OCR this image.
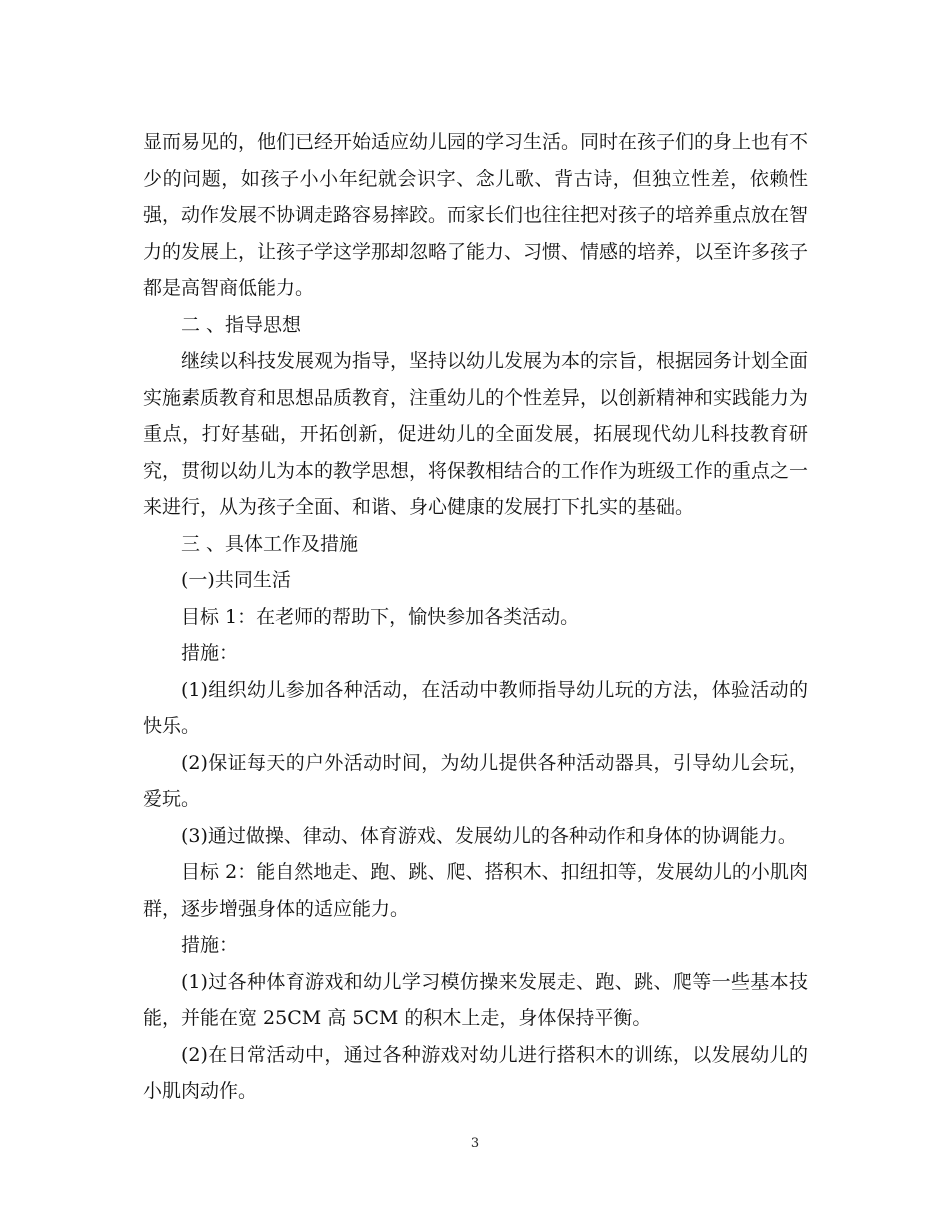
显而易见的，他们已经开始适应幼儿园的学习生活。同时在孩子们的身上也有不少的问题，如孩子小小年纪就会识字、念儿歌、背古诗，但独立性差，依赖性强，动作发展不协调走路容易摔跤。而家长们也往往把对孩子的培养重点放在智力的发展上，让孩子学这学那却忽略了能力、习惯、情感的培养，以至许多孩子都是高智商低能力。

二 、指导思想

继续以科技发展观为指导，坚持以幼儿发展为本的宗旨，根据园务计划全面实施素质教育和思想品质教育，注重幼儿的个性差异，以创新精神和实践能力为重点，打好基础，开拓创新，促进幼儿的全面发展，拓展现代幼儿科技教育研究，贯彻以幼儿为本的教学思想，将保教相结合的工作作为班级工作的重点之一来进行，从为孩子全面、和谐、身心健康的发展打下扎实的基础。

三 、具体工作及措施

(一)共同生活

目标 1：在老师的帮助下，愉快参加各类活动。

措施：

(1)组织幼儿参加各种活动，在活动中教师指导幼儿玩的方法，体验活动的快乐。

(2)保证每天的户外活动时间，为幼儿提供各种活动器具，引导幼儿会玩，爱玩。

(3)通过做操、律动、体育游戏、发展幼儿的各种动作和身体的协调能力。

目标 2：能自然地走、跑、跳、爬、搭积木、扣纽扣等，发展幼儿的小肌肉群，逐步增强身体的适应能力。

措施：

(1)过各种体育游戏和幼儿学习模仿操来发展走、跑、跳、爬等一些基本技能，并能在宽 25CM 高 5CM 的积木上走，身体保持平衡。

(2)在日常活动中，通过各种游戏对幼儿进行搭积木的训练，以发展幼儿的小肌肉动作。

3
